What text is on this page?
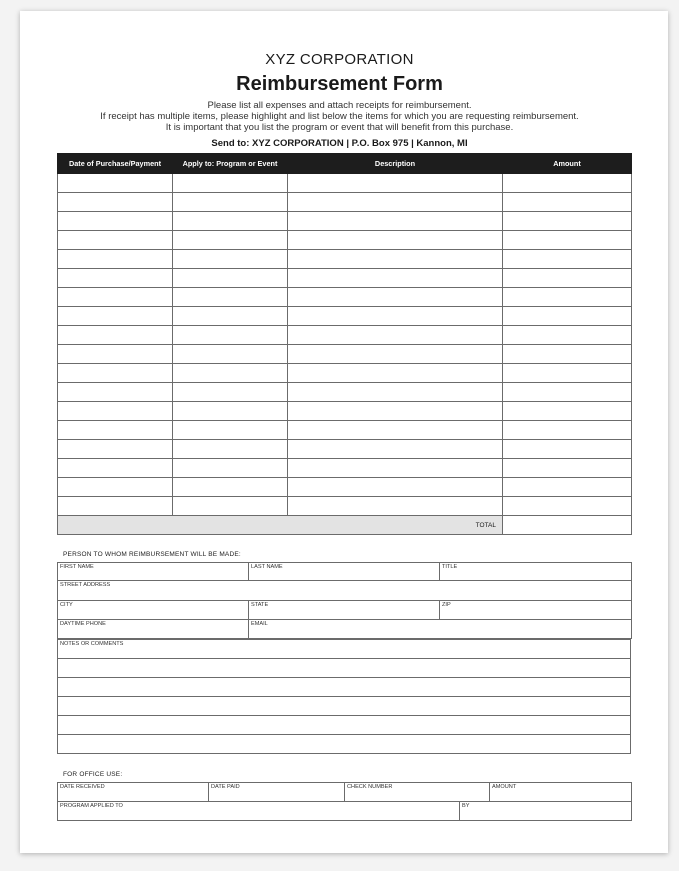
XYZ CORPORATION
Reimbursement Form
Please list all expenses and attach receipts for reimbursement.
If receipt has multiple items, please highlight and list below the items for which you are requesting reimbursement.
It is important that you list the program or event that will benefit from this purchase.
Send to: XYZ CORPORATION | P.O. Box 975 | Kannon, MI
Date of Purchase/Payment	Apply to: Program or Event	Description	Amount

TOTAL			
PERSON TO WHOM REIMBURSEMENT WILL BE MADE:
FIRST NAME	LAST NAME	TITLE
STREET ADDRESS		
CITY	STATE	ZIP
DAYTIME PHONE	EMAIL	
NOTES OR COMMENTS

FOR OFFICE USE:
DATE RECEIVED	DATE PAID	CHECK NUMBER	AMOUNT
PROGRAM APPLIED TO	BY
